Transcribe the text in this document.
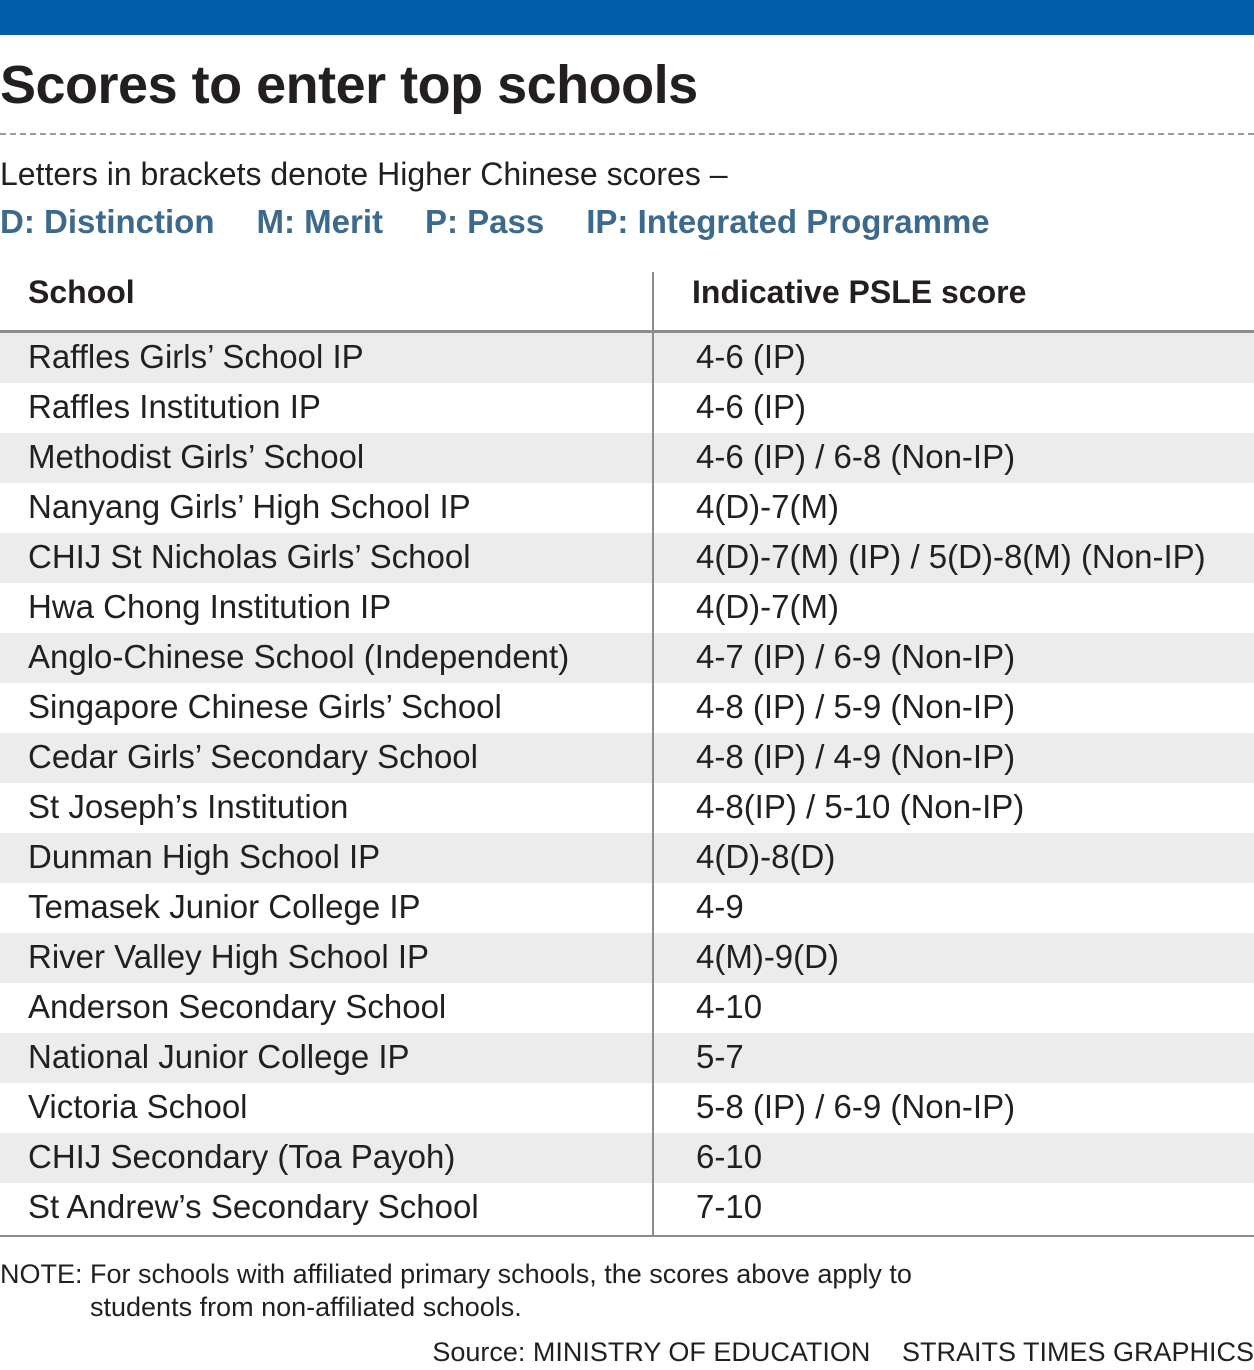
Scores to enter top schools
Letters in brackets denote Higher Chinese scores –
D: Distinction M: Merit P: Pass IP: Integrated Programme
School	Indicative PSLE score
Raffles Girls’ School IP	4-6 (IP)
Raffles Institution IP	4-6 (IP)
Methodist Girls’ School	4-6 (IP) / 6-8 (Non-IP)
Nanyang Girls’ High School IP	4(D)-7(M)
CHIJ St Nicholas Girls’ School	4(D)-7(M) (IP) / 5(D)-8(M) (Non-IP)
Hwa Chong Institution IP	4(D)-7(M)
Anglo-Chinese School (Independent)	4-7 (IP) / 6-9 (Non-IP)
Singapore Chinese Girls’ School	4-8 (IP) / 5-9 (Non-IP)
Cedar Girls’ Secondary School	4-8 (IP) / 4-9 (Non-IP)
St Joseph’s Institution	4-8(IP) / 5-10 (Non-IP)
Dunman High School IP	4(D)-8(D)
Temasek Junior College IP	4-9
River Valley High School IP	4(M)-9(D)
Anderson Secondary School	4-10
National Junior College IP	5-7
Victoria School	5-8 (IP) / 6-9 (Non-IP)
CHIJ Secondary (Toa Payoh)	6-10
St Andrew’s Secondary School	7-10
NOTE: For schools with affiliated primary schools, the scores above apply to
students from non-affiliated schools.
Source: MINISTRY OF EDUCATION STRAITS TIMES GRAPHICS
